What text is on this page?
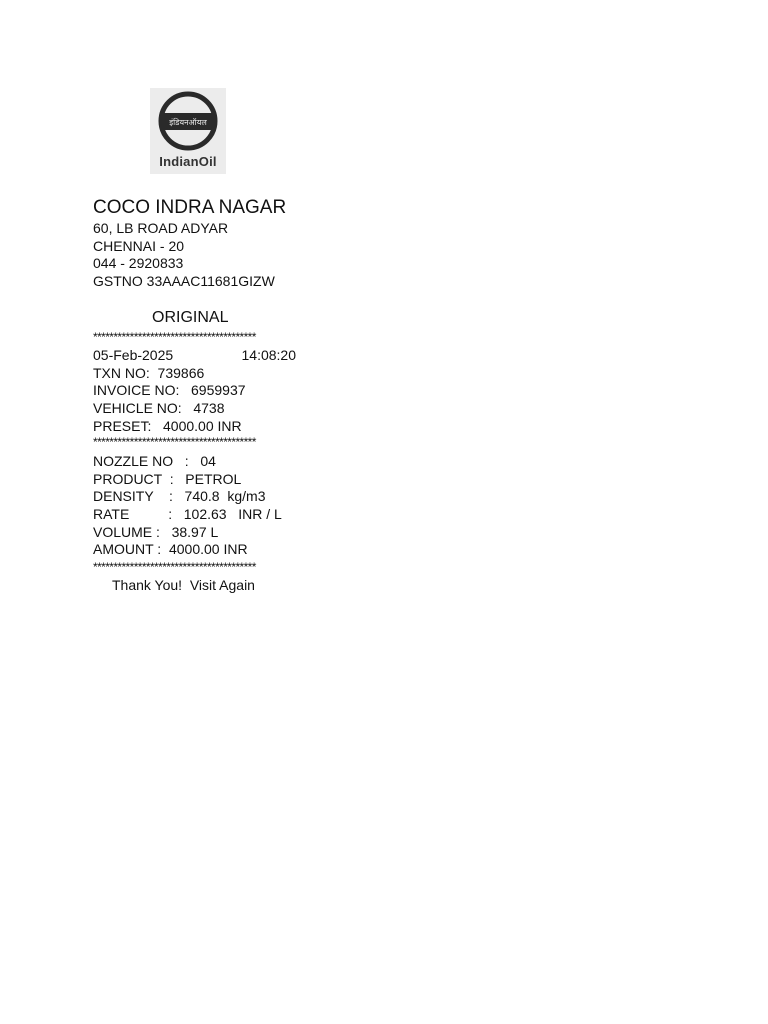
इंडियनऑयल
IndianOil
COCO INDRA NAGAR
60, LB ROAD ADYAR
CHENNAI - 20
044 - 2920833
GSTNO 33AAAC11681GIZW
ORIGINAL
****************************************
05-Feb-2025	14:08:20
TXN NO:  739866
INVOICE NO:   6959937
VEHICLE NO:   4738
PRESET:   4000.00 INR
****************************************
NOZZLE NO   :   04
PRODUCT  :   PETROL
DENSITY    :   740.8  kg/m3
RATE          :   102.63   INR / L
VOLUME :   38.97 L
AMOUNT :  4000.00 INR
****************************************
Thank You!  Visit Again
